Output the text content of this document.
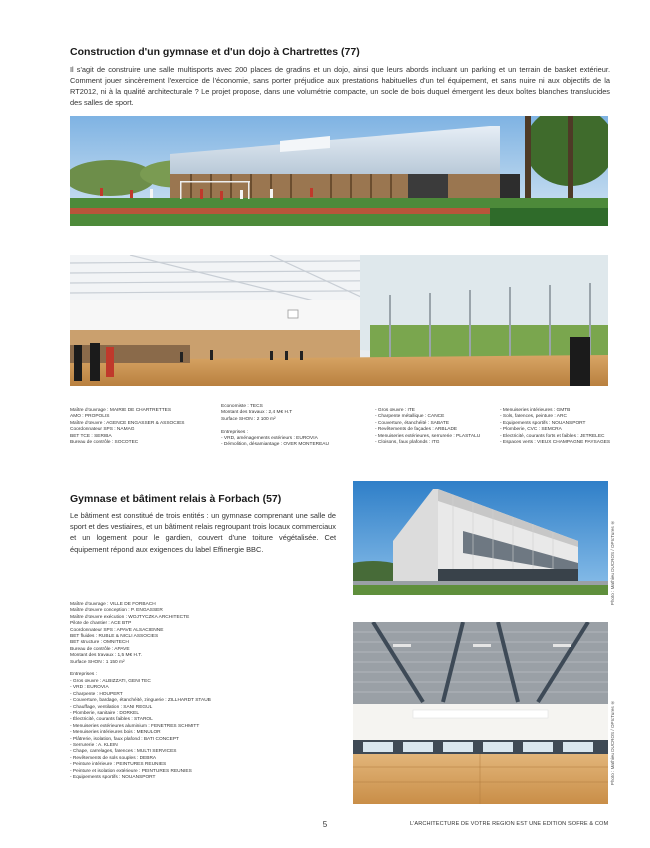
Construction d'un gymnase et d'un dojo à Chartrettes (77)
Il s'agit de construire une salle multisports avec 200 places de gradins et un dojo, ainsi que leurs abords incluant un parking et un terrain de basket extérieur. Comment jouer sincèrement l'exercice de l'économie, sans porter préjudice aux prestations habituelles d'un tel équipement, et sans nuire ni aux objectifs de la RT2012, ni à la qualité architecturale ? Le projet propose, dans une volumétrie compacte, un socle de bois duquel émergent les deux boîtes blanches translucides des salles de sport.
Maître d'ouvrage : MAIRIE DE CHARTRETTES
AMO : PROPOLIS
Maître d'œuvre : AGENCE ENGASSER & ASSOCIES
Coordonnateur SPS : NAMAG
BET TCE : SERIBA
Bureau de contrôle : SOCOTEC
Economiste : TECS
Montant des travaux : 2,4 M€ H.T
Surface SHON : 2 100 m²

Entreprises :
- VRD, aménagements extérieurs : EUROVIA
- Démolition, désamiantage : OVER MONTEREAU
- Gros œuvre : ITE
- Charpente métallique : CANCE
- Couverture, étanchéité : SABATE
- Revêtements de façades : ARBLADE
- Menuiseries extérieures, serrurerie : PLASTALU
- Cloisons, faux plafonds : ITG
- Menuiseries intérieures : GMTB
- Sols, faïences, peinture : ARC
- Equipements sportifs : NOUANSPORT
- Plomberie, CVC : SEMCRA
- Electricité, courants forts et faibles : JETRELEC
- Espaces verts : VIEUX CHAMPAGNE PAYSAGES
Gymnase et bâtiment relais à Forbach (57)
Le bâtiment est constitué de trois entités : un gymnase comprenant une salle de sport et des vestiaires, et un bâtiment relais regroupant trois locaux commerciaux et un logement pour le gardien, couvert d'une toiture végétalisée. Cet équipement répond aux exigences du label Effinergie BBC.	Photo : Mathieu DUCROS / OPIcTures ®
Photo : Mathieu DUCROS / OPIcTures ®
Maître d'ouvrage : VILLE DE FORBACH
Maître d'œuvre conception : P. ENGASSER
Maître d'œuvre exécution : WOJTYCZKA ARCHITECTE
Pilote de chantier : ACE BTP
Coordonnateur SPS : APAVE ALSACIENNE
BET fluides : RUBLE & NICLI ASSOCIES
BET structure : OMNITECH
Bureau de contrôle : APAVE
Montant des travaux : 1,5 M€ H.T.
Surface SHON : 1 150 m²

Entreprises :
- Gros œuvre : ALBIZZATI, GENI TEC
- VRD : EUROVIA
- Charpente : HOUPERT
- Couverture, bardage, étanchéité, zinguerie : ZILLHARDT STAUB
- Chauffage, ventilation : SANI REGUL
- Plomberie, sanitaire : DORKEL
- Électricité, courants faibles : STAROL
- Menuiseries extérieures aluminium : FENETRES SCHMITT
- Menuiseries intérieures bois : MENULOR
- Plâtrerie, isolation, faux plafond : BATI CONCEPT
- Serrurerie : A. KLEIN
- Chape, carrelages, faïences : MULTI SERVICES
- Revêtements de sols souples : DEBRA
- Peinture intérieure : PEINTURES REUNIES
- Peinture et isolation extérieure : PEINTURES REUNIES
- Equipements sportifs : NOUANSPORT
5	L'ARCHITECTURE DE VOTRE REGION EST UNE EDITION SOFRE & COM
